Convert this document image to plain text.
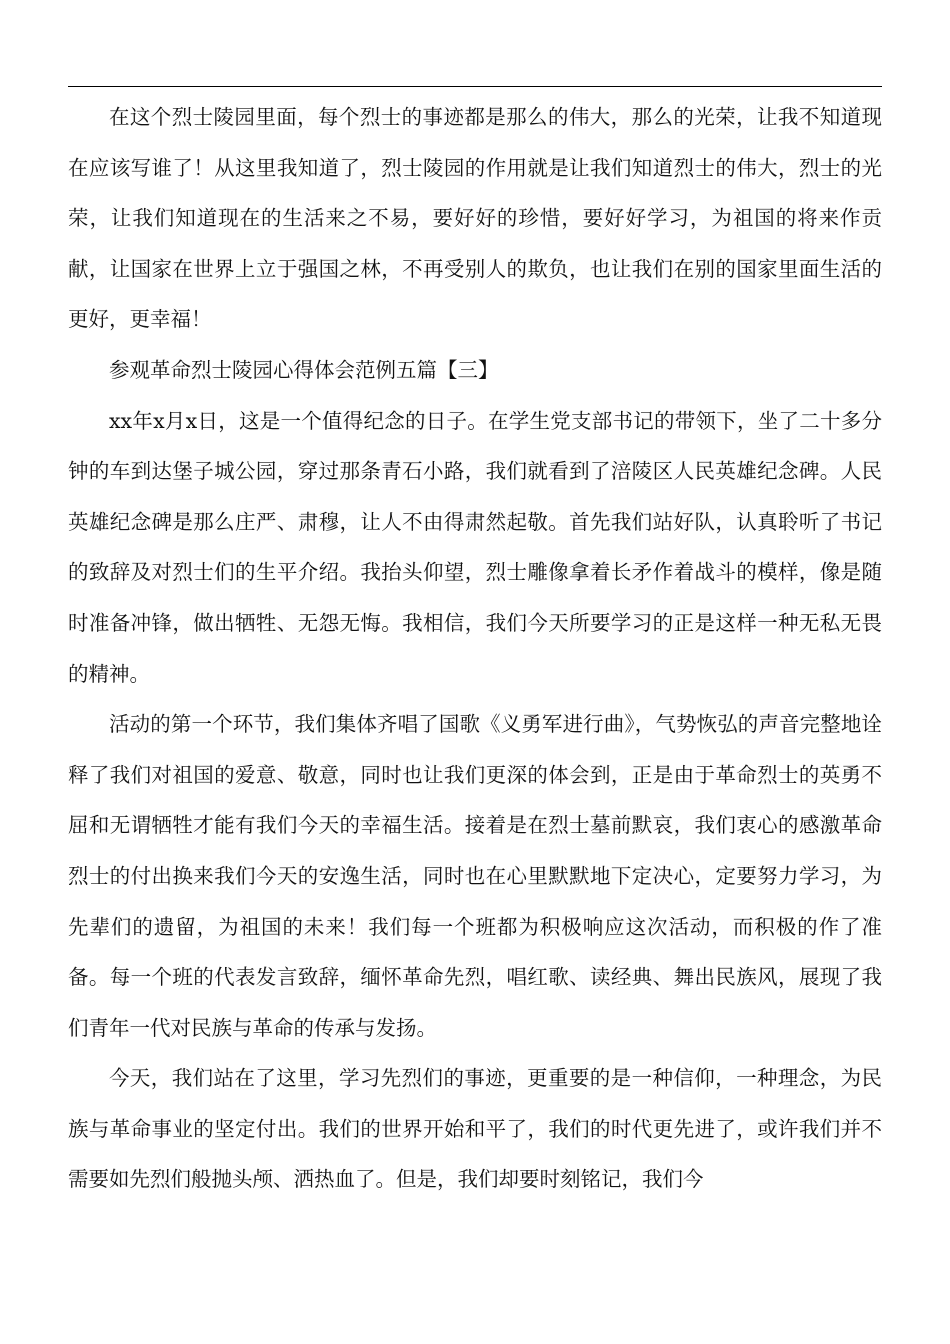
在这个烈士陵园里面，每个烈士的事迹都是那么的伟大，那么的光荣，让我不知道现在应该写谁了！从这里我知道了，烈士陵园的作用就是让我们知道烈士的伟大，烈士的光荣，让我们知道现在的生活来之不易，要好好的珍惜，要好好学习，为祖国的将来作贡献，让国家在世界上立于强国之林，不再受别人的欺负，也让我们在别的国家里面生活的更好，更幸福！

参观革命烈士陵园心得体会范例五篇【三】

xx年x月x日，这是一个值得纪念的日子。在学生党支部书记的带领下，坐了二十多分钟的车到达堡子城公园，穿过那条青石小路，我们就看到了涪陵区人民英雄纪念碑。人民英雄纪念碑是那么庄严、肃穆，让人不由得肃然起敬。首先我们站好队，认真聆听了书记的致辞及对烈士们的生平介绍。我抬头仰望，烈士雕像拿着长矛作着战斗的模样，像是随时准备冲锋，做出牺牲、无怨无悔。我相信，我们今天所要学习的正是这样一种无私无畏的精神。

活动的第一个环节，我们集体齐唱了国歌《义勇军进行曲》，气势恢弘的声音完整地诠释了我们对祖国的爱意、敬意，同时也让我们更深的体会到，正是由于革命烈士的英勇不屈和无谓牺牲才能有我们今天的幸福生活。接着是在烈士墓前默哀，我们衷心的感激革命烈士的付出换来我们今天的安逸生活，同时也在心里默默地下定决心，定要努力学习，为先辈们的遗留，为祖国的未来！我们每一个班都为积极响应这次活动，而积极的作了准备。每一个班的代表发言致辞，缅怀革命先烈，唱红歌、读经典、舞出民族风，展现了我们青年一代对民族与革命的传承与发扬。

今天，我们站在了这里，学习先烈们的事迹，更重要的是一种信仰，一种理念，为民族与革命事业的坚定付出。我们的世界开始和平了，我们的时代更先进了，或许我们并不需要如先烈们般抛头颅、洒热血了。但是，我们却要时刻铭记，我们今
